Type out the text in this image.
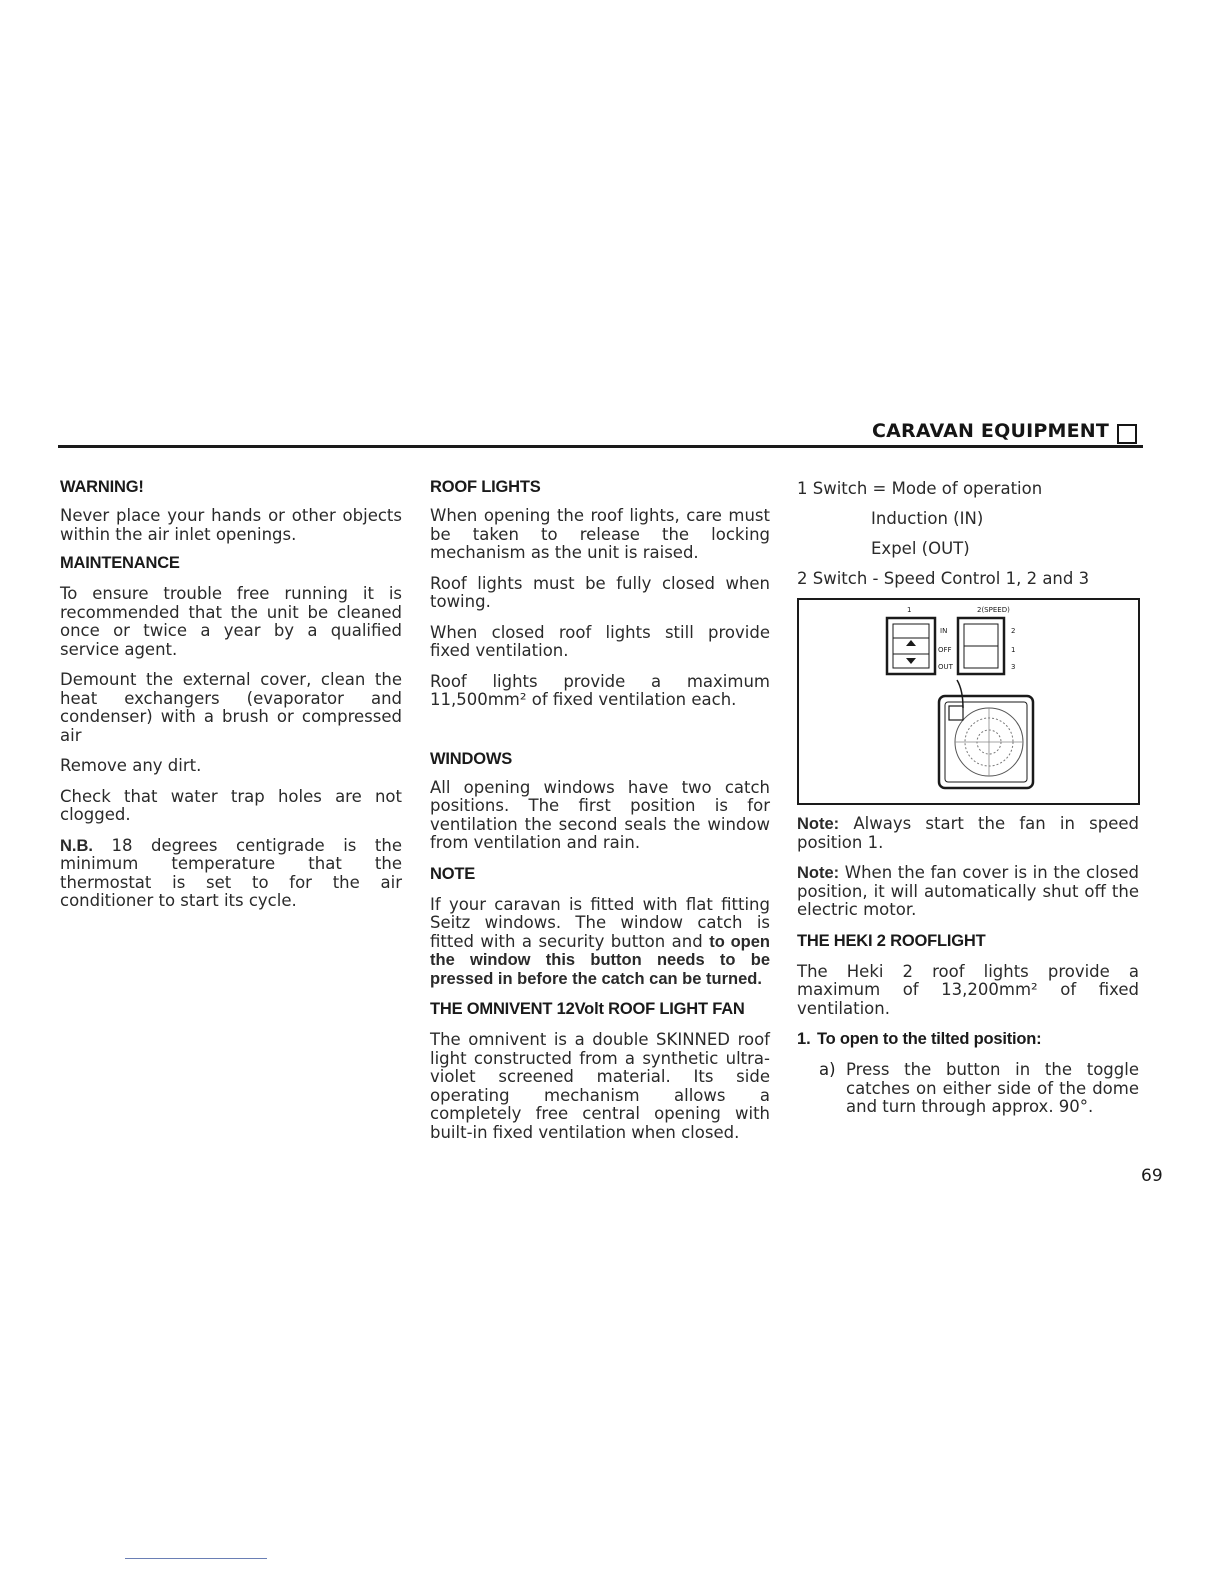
CARAVAN EQUIPMENT
WARNING!

Never place your hands or other objects within the air inlet openings.

MAINTENANCE

To ensure trouble free running it is recommended that the unit be cleaned once or twice a year by a qualified service agent.

Demount the external cover, clean the heat exchangers (evaporator and condenser) with a brush or compressed air

Remove any dirt.

Check that water trap holes are not clogged.

N.B. 18 degrees centigrade is the minimum temperature that the thermostat is set to for the air conditioner to start its cycle.

ROOF LIGHTS

When opening the roof lights, care must be taken to release the locking mechanism as the unit is raised.

Roof lights must be fully closed when towing.

When closed roof lights still provide fixed ventilation.

Roof lights provide a maximum 11,500mm² of fixed ventilation each.

WINDOWS

All opening windows have two catch positions. The first position is for ventilation the second seals the window from ventilation and rain.

NOTE

If your caravan is fitted with flat fitting Seitz windows. The window catch is fitted with a security button and to open the window this button needs to be pressed in before the catch can be turned.

THE OMNIVENT 12Volt ROOF LIGHT FAN

The omnivent is a double SKINNED roof light constructed from a synthetic ultra-violet screened material. Its side operating mechanism allows a completely free central opening with built-in fixed ventilation when closed.

1 Switch = Mode of operation

Induction (IN)

Expel (OUT)

2 Switch - Speed Control 1, 2 and 3

1	2(SPEED)
IN
OFF
OUT
2
1
3

Note: Always start the fan in speed position 1.

Note: When the fan cover is in the closed position, it will automatically shut off the electric motor.

THE HEKI 2 ROOFLIGHT

The Heki 2 roof lights provide a maximum of 13,200mm² of fixed ventilation.

1. To open to the tilted position:
a) Press the button in the toggle catches on either side of the dome and turn through approx. 90°.

69
